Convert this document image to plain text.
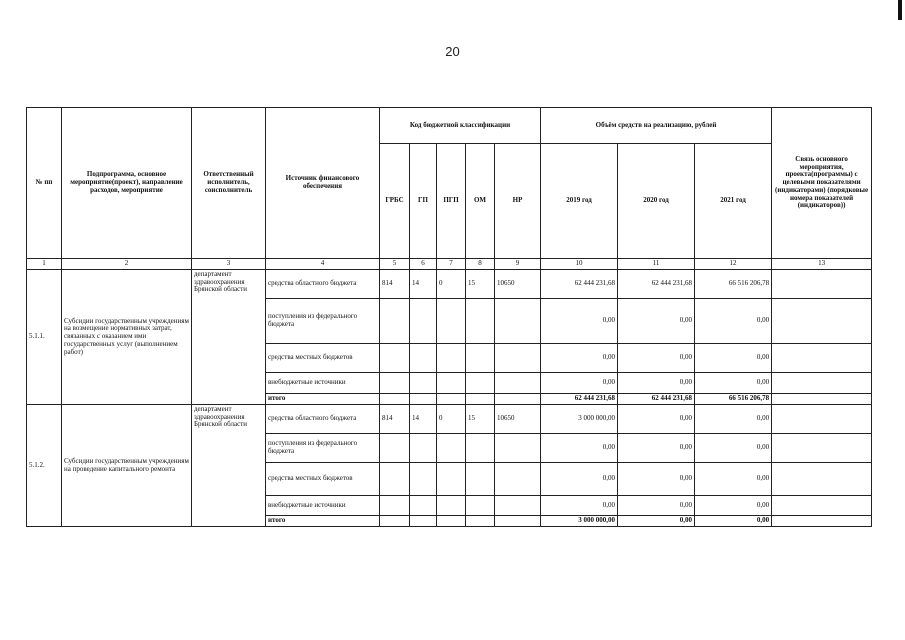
20
№ пп	Подпрограмма, основное мероприятие(проект), направление расходов, мероприятие	Ответственный исполнитель, соисполнитель	Источник финансового обеспечения	Код бюджетной классификации					Объём средств на реализацию, рублей			Связь основного мероприятия, проекта(программы) с целевыми показателями (индикаторами) (порядковые номера показателей (индикаторов))
				ГРБС	ГП	ПГП	ОМ	НР	2019 год	2020 год	2021 год	
1	2	3	4	5	6	7	8	9	10	11	12	13
5.1.1.	Субсидии государственным учреждениям на возмещение нормативных затрат, связанных с оказанием ими государственных услуг (выполнением работ)	департамент здравоохранения Брянской области	средства областного бюджета	814	14	0	15	10650	62 444 231,68	62 444 231,68	66 516 206,78	
			поступления из федерального бюджета						0,00	0,00	0,00	
			средства местных бюджетов						0,00	0,00	0,00	
			внебюджетные источники						0,00	0,00	0,00	
			итого						62 444 231,68	62 444 231,68	66 516 206,78	
5.1.2.	Субсидии государственным учреждениям на проведение капитального ремонта	департамент здравоохранения Брянской области	средства областного бюджета	814	14	0	15	10650	3 000 000,00	0,00	0,00	
			поступления из федерального бюджета						0,00	0,00	0,00	
			средства местных бюджетов						0,00	0,00	0,00	
			внебюджетные источники						0,00	0,00	0,00	
			итого						3 000 000,00	0,00	0,00	
